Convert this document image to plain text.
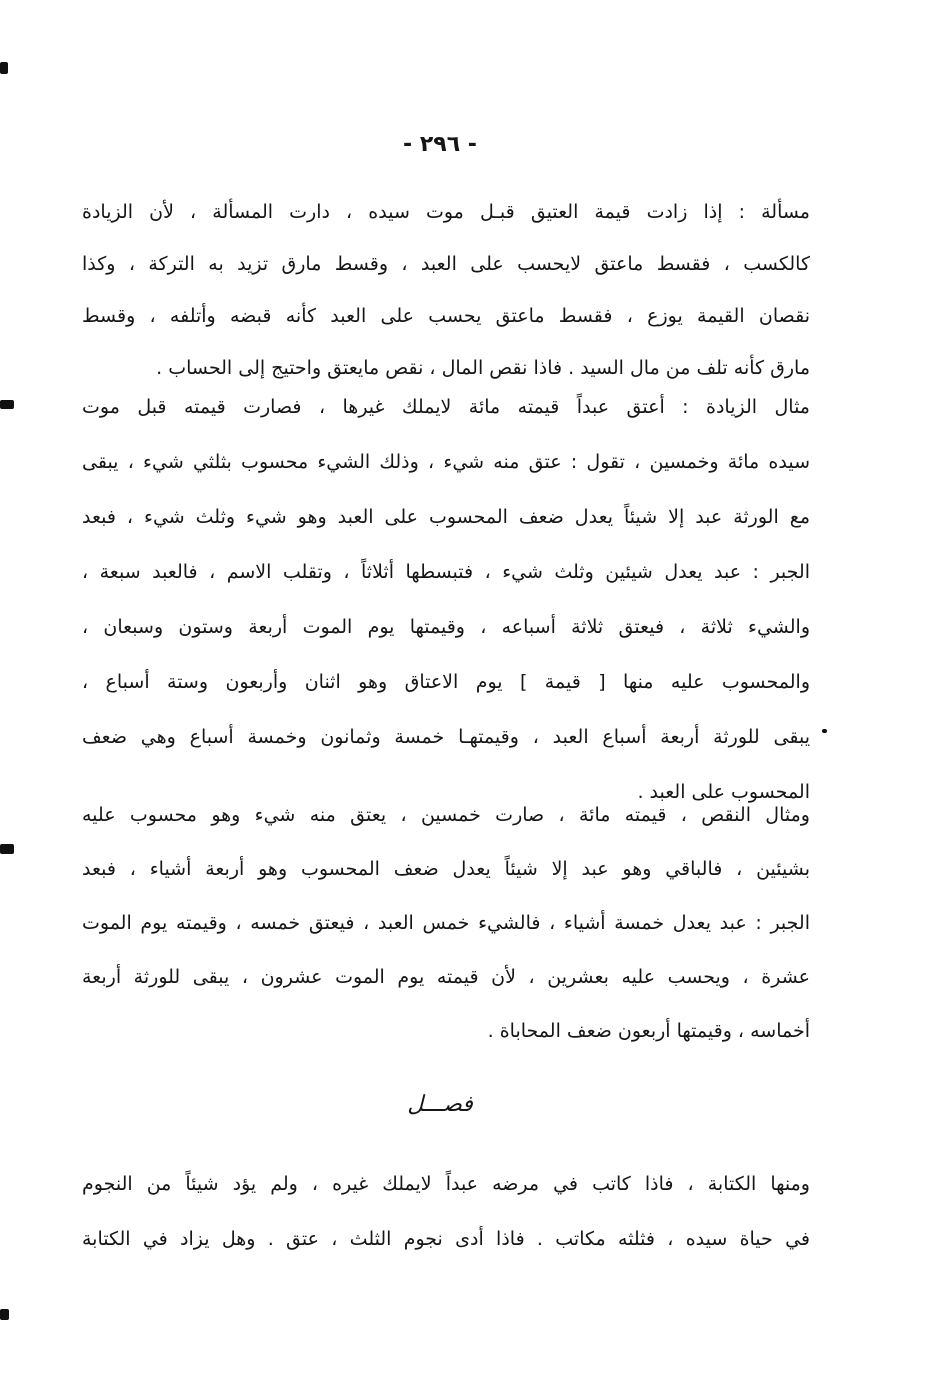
- ٢٩٦ -
مسألة : إذا زادت قيمة العتيق قبـل موت سيده ، دارت المسألة ، لأن الزيادة
كالكسب ، فقسط ماعتق لايحسب على العبد ، وقسط مارق تزيد به التركة ، وكذا
نقصان القيمة يوزع ، فقسط ماعتق يحسب على العبد كأنه قبضه وأتلفه ، وقسط
مارق كأنه تلف من مال السيد . فاذا نقص المال ، نقص مايعتق واحتيج إلى الحساب .
مثال الزيادة : أعتق عبداً قيمته مائة لايملك غيرها ، فصارت قيمته قبل موت
سيده مائة وخمسين ، تقول : عتق منه شيء ، وذلك الشيء محسوب بثلثي شيء ، يبقى
مع الورثة عبد إلا شيئاً يعدل ضعف المحسوب على العبد وهو شيء وثلث شيء ، فبعد
الجبر : عبد يعدل شيئين وثلث شيء ، فتبسطها أثلاثاً ، وتقلب الاسم ، فالعبد سبعة ،
والشيء ثلاثة ، فيعتق ثلاثة أسباعه ، وقيمتها يوم الموت أربعة وستون وسبعان ،
والمحسوب عليه منها [ قيمة ] يوم الاعتاق وهو اثنان وأربعون وستة أسباع ،
يبقى للورثة أربعة أسباع العبد ، وقيمتهـا خمسة وثمانون وخمسة أسباع وهي ضعف
المحسوب على العبد .
ومثال النقص ، قيمته مائة ، صارت خمسين ، يعتق منه شيء وهو محسوب عليه
بشيئين ، فالباقي وهو عبد إلا شيئاً يعدل ضعف المحسوب وهو أربعة أشياء ، فبعد
الجبر : عبد يعدل خمسة أشياء ، فالشيء خمس العبد ، فيعتق خمسه ، وقيمته يوم الموت
عشرة ، ويحسب عليه بعشرين ، لأن قيمته يوم الموت عشرون ، يبقى للورثة أربعة
أخماسه ، وقيمتها أربعون ضعف المحاباة .
فصـــل
ومنها الكتابة ، فاذا كاتب في مرضه عبداً لايملك غيره ، ولم يؤد شيئاً من النجوم
في حياة سيده ، فثلثه مكاتب . فاذا أدى نجوم الثلث ، عتق . وهل يزاد في الكتابة
